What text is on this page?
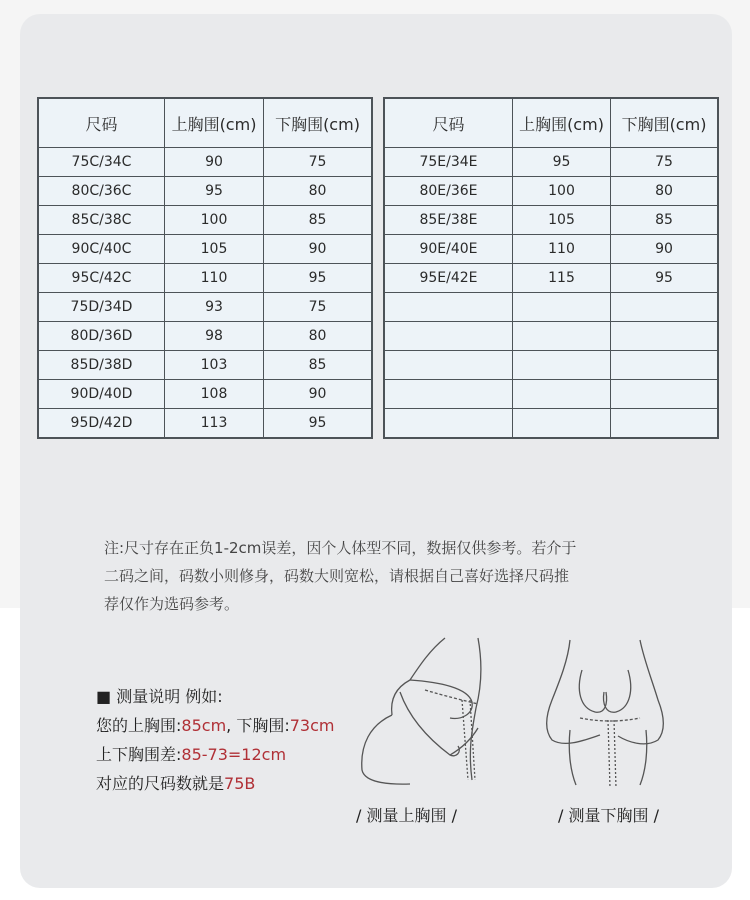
尺码	上胸围(cm)	下胸围(cm)
75C/34C	90	75
80C/36C	95	80
85C/38C	100	85
90C/40C	105	90
95C/42C	110	95
75D/34D	93	75
80D/36D	98	80
85D/38D	103	85
90D/40D	108	90
95D/42D	113	95
尺码	上胸围(cm)	下胸围(cm)
75E/34E	95	75
80E/36E	100	80
85E/38E	105	85
90E/40E	110	90
95E/42E	115	95

注:尺寸存在正负1-2cm误差，因个人体型不同，数据仅供参考。若介于
二码之间，码数小则修身，码数大则宽松，请根据自己喜好选择尺码推
荐仅作为选码参考。
■ 测量说明 例如:
您的上胸围:85cm, 下胸围:73cm
上下胸围差:85-73=12cm
对应的尺码数就是75B
/ 测量上胸围 /	/ 测量下胸围 /
